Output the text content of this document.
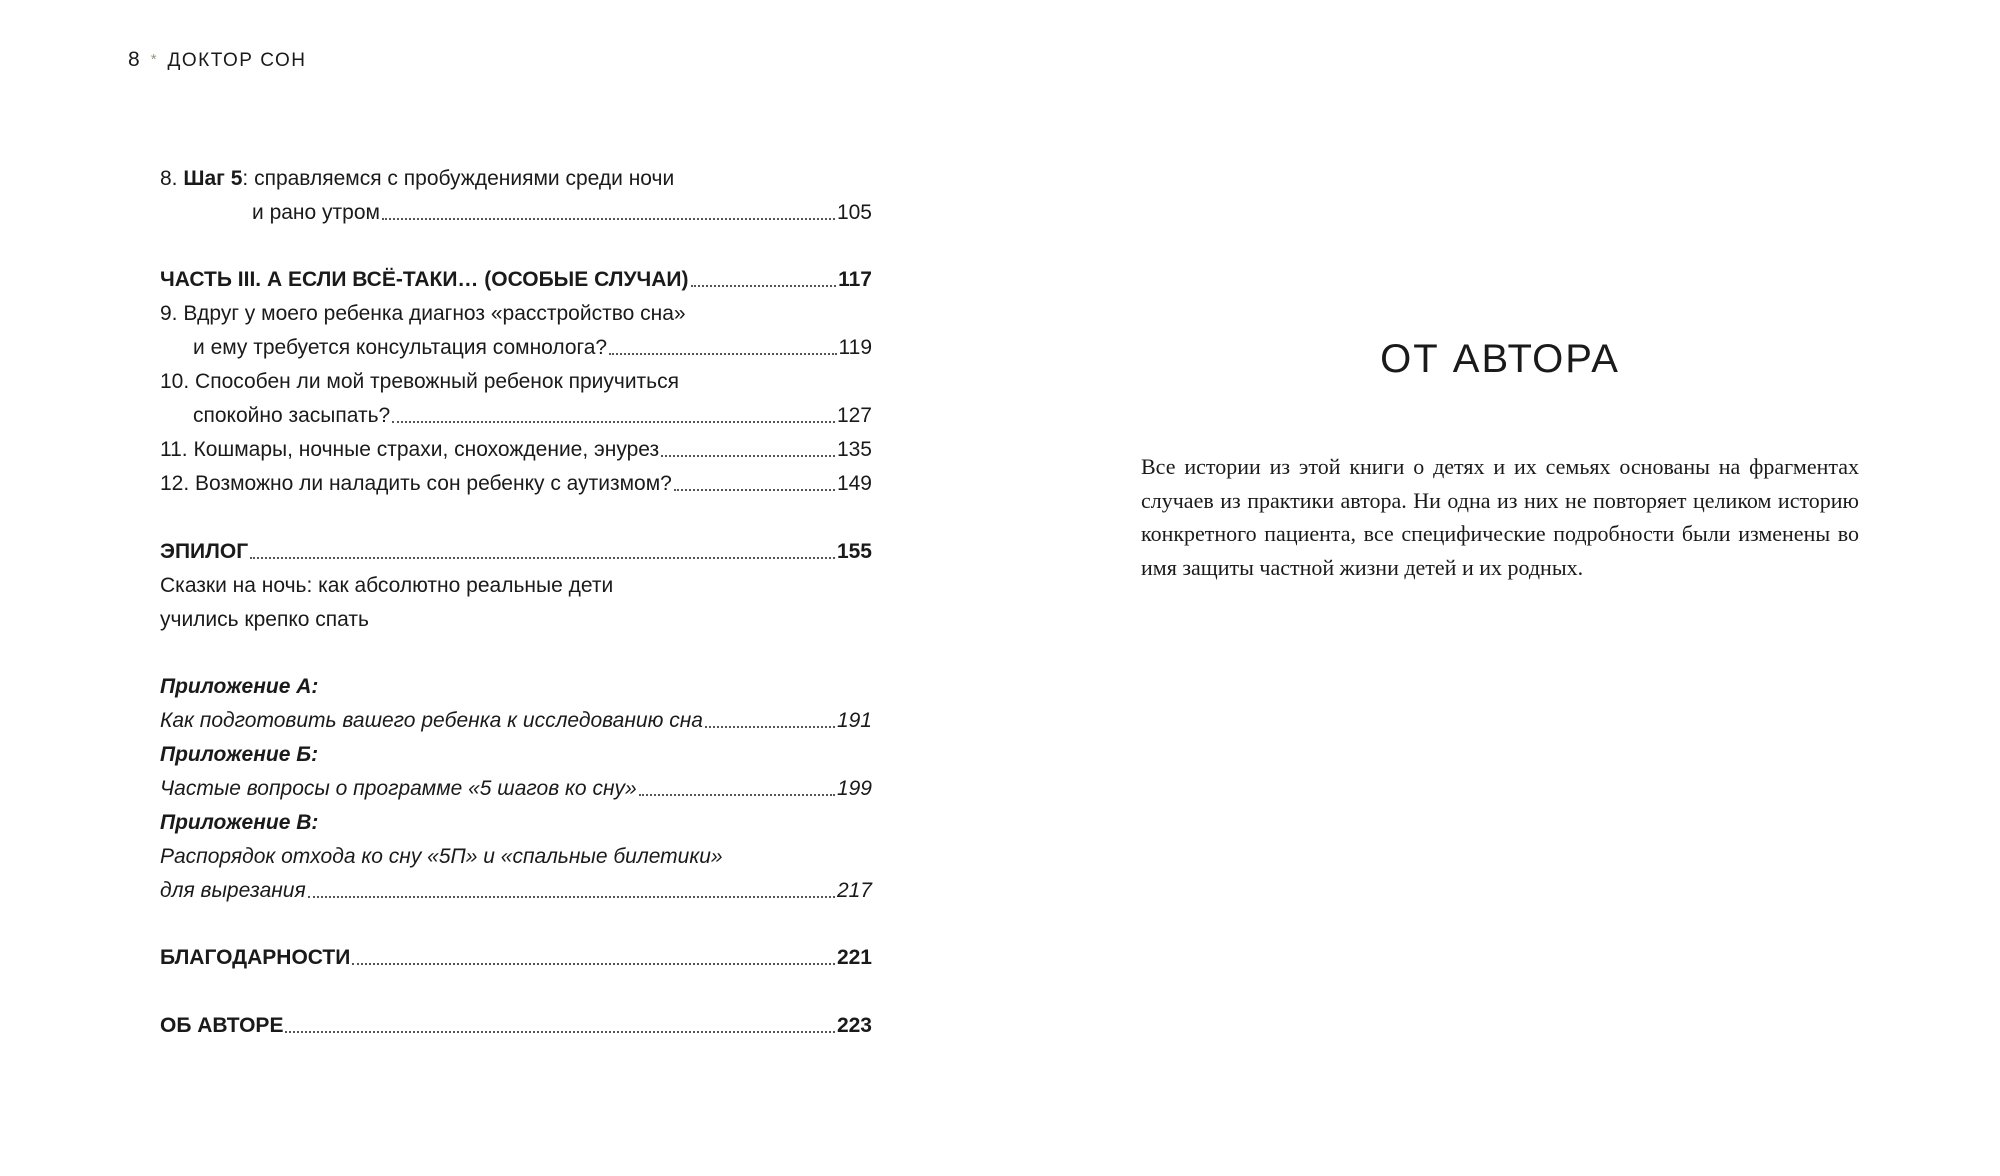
8 * ДОКТОР СОН
8. Шаг 5: справляемся с пробуждениями среди ночи
и рано утром	105
ЧАСТЬ III. А ЕСЛИ ВСЁ-ТАКИ… (ОСОБЫЕ СЛУЧАИ)	117
9. Вдруг у моего ребенка диагноз «расстройство сна»
и ему требуется консультация сомнолога?	119
10. Способен ли мой тревожный ребенок приучиться
спокойно засыпать?	127
11. Кошмары, ночные страхи, снохождение, энурез	135
12. Возможно ли наладить сон ребенку с аутизмом?	149
ЭПИЛОГ	155
Сказки на ночь: как абсолютно реальные дети
учились крепко спать
Приложение А:
Как подготовить вашего ребенка к исследованию сна	191
Приложение Б:
Частые вопросы о программе «5 шагов ко сну»	199
Приложение В:
Распорядок отхода ко сну «5П» и «спальные билетики»
для вырезания	217
БЛАГОДАРНОСТИ	221
ОБ АВТОРЕ	223
ОТ АВТОРА

Все истории из этой книги о детях и их семьях основаны на фрагментах случаев из практики автора. Ни одна из них не повторяет целиком историю конкретного пациента, все специфические подробности были изменены во имя защиты частной жизни детей и их родных.
